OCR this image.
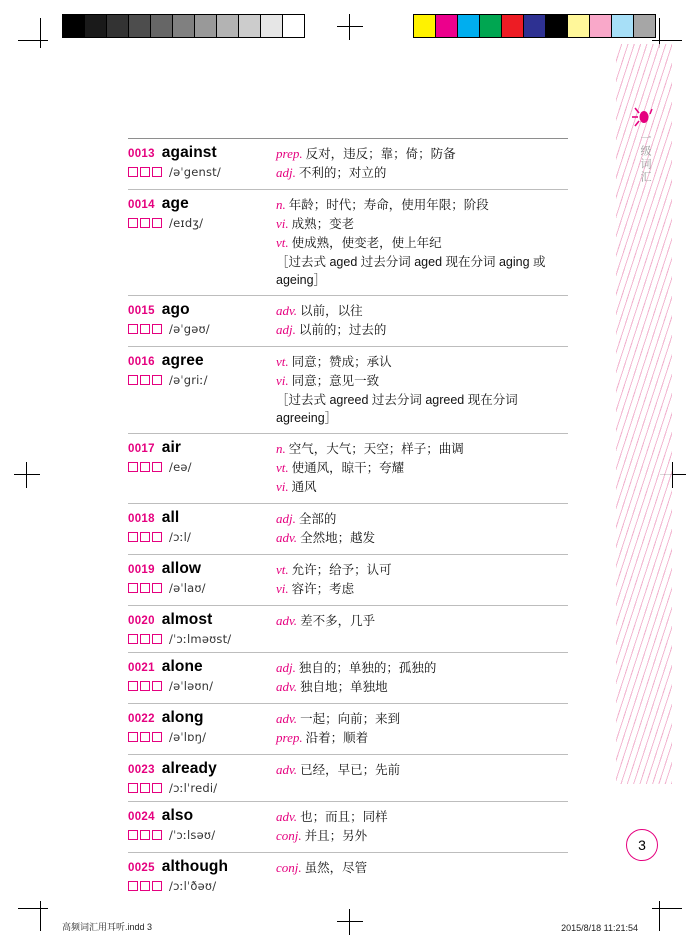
一级词汇
0013 against
/əˈgenst/
prep. 反对，违反；靠；倚；防备
adj. 不利的；对立的
0014 age
/eɪdʒ/
n. 年龄；时代；寿命，使用年限；阶段
vi. 成熟；变老
vt. 使成熟，使变老，使上年纪
［过去式 aged 过去分词 aged 现在分词 aging 或 ageing］
0015 ago
/əˈgəʊ/
adv. 以前，以往
adj. 以前的；过去的
0016 agree
/əˈgriː/
vt. 同意；赞成；承认
vi. 同意；意见一致
［过去式 agreed 过去分词 agreed 现在分词 agreeing］
0017 air
/eə/
n. 空气，大气；天空；样子；曲调
vt. 使通风，晾干；夸耀
vi. 通风
0018 all
/ɔːl/
adj. 全部的
adv. 全然地；越发
0019 allow
/əˈlaʊ/
vt. 允许；给予；认可
vi. 容许；考虑
0020 almost
/ˈɔːlməʊst/
adv. 差不多，几乎
0021 alone
/əˈləʊn/
adj. 独自的；单独的；孤独的
adv. 独自地；单独地
0022 along
/əˈlɒŋ/
adv. 一起；向前；来到
prep. 沿着；顺着
0023 already
/ɔːlˈredi/
adv. 已经，早已；先前
0024 also
/ˈɔːlsəʊ/
adv. 也；而且；同样
conj. 并且；另外
0025 although
/ɔːlˈðəʊ/
conj. 虽然，尽管
3
高频词汇用耳听.indd 3	2015/8/18 11:21:54
